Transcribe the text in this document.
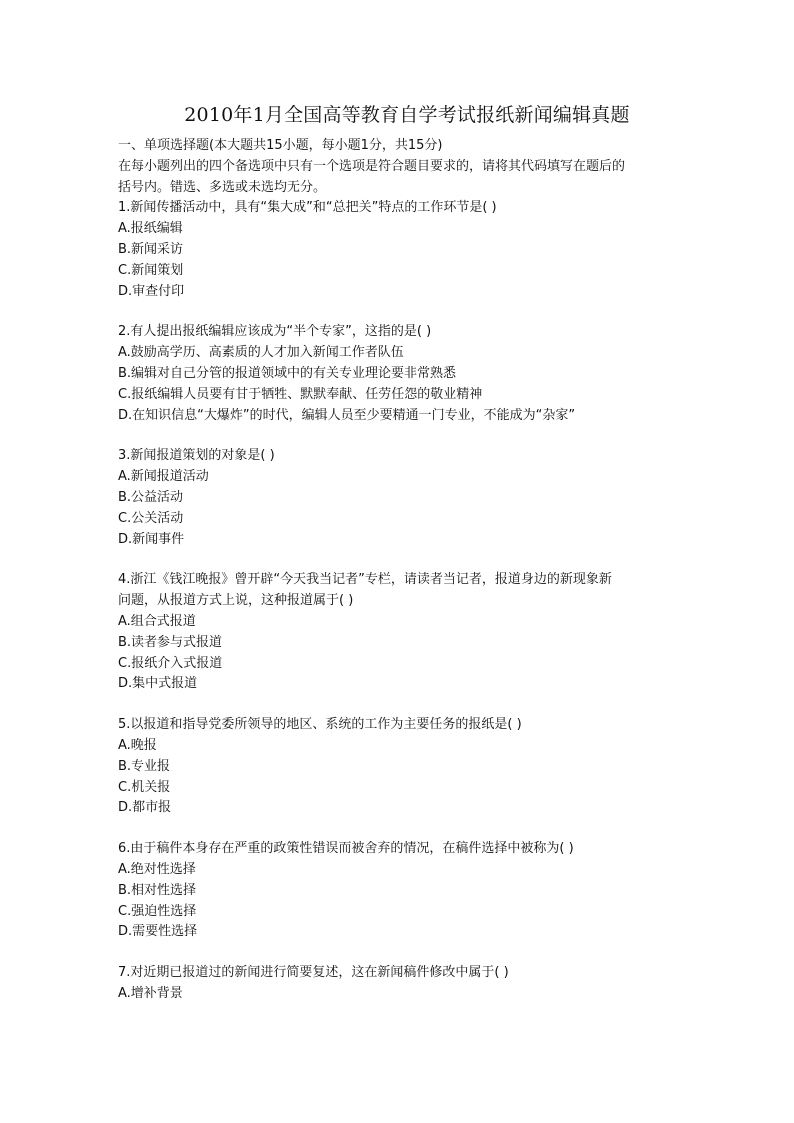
2010年1月全国高等教育自学考试报纸新闻编辑真题
一、单项选择题(本大题共15小题，每小题1分，共15分)
在每小题列出的四个备选项中只有一个选项是符合题目要求的，请将其代码填写在题后的
括号内。错选、多选或未选均无分。
1.新闻传播活动中，具有“集大成”和“总把关”特点的工作环节是( )
A.报纸编辑
B.新闻采访
C.新闻策划
D.审查付印
2.有人提出报纸编辑应该成为“半个专家”，这指的是( )
A.鼓励高学历、高素质的人才加入新闻工作者队伍
B.编辑对自己分管的报道领域中的有关专业理论要非常熟悉
C.报纸编辑人员要有甘于牺牲、默默奉献、任劳任怨的敬业精神
D.在知识信息“大爆炸”的时代，编辑人员至少要精通一门专业，不能成为“杂家”
3.新闻报道策划的对象是( )
A.新闻报道活动
B.公益活动
C.公关活动
D.新闻事件
4.浙江《钱江晚报》曾开辟“今天我当记者”专栏，请读者当记者，报道身边的新现象新
问题，从报道方式上说，这种报道属于( )
A.组合式报道
B.读者参与式报道
C.报纸介入式报道
D.集中式报道
5.以报道和指导党委所领导的地区、系统的工作为主要任务的报纸是( )
A.晚报
B.专业报
C.机关报
D.都市报
6.由于稿件本身存在严重的政策性错误而被舍弃的情况，在稿件选择中被称为( )
A.绝对性选择
B.相对性选择
C.强迫性选择
D.需要性选择
7.对近期已报道过的新闻进行简要复述，这在新闻稿件修改中属于( )
A.增补背景
